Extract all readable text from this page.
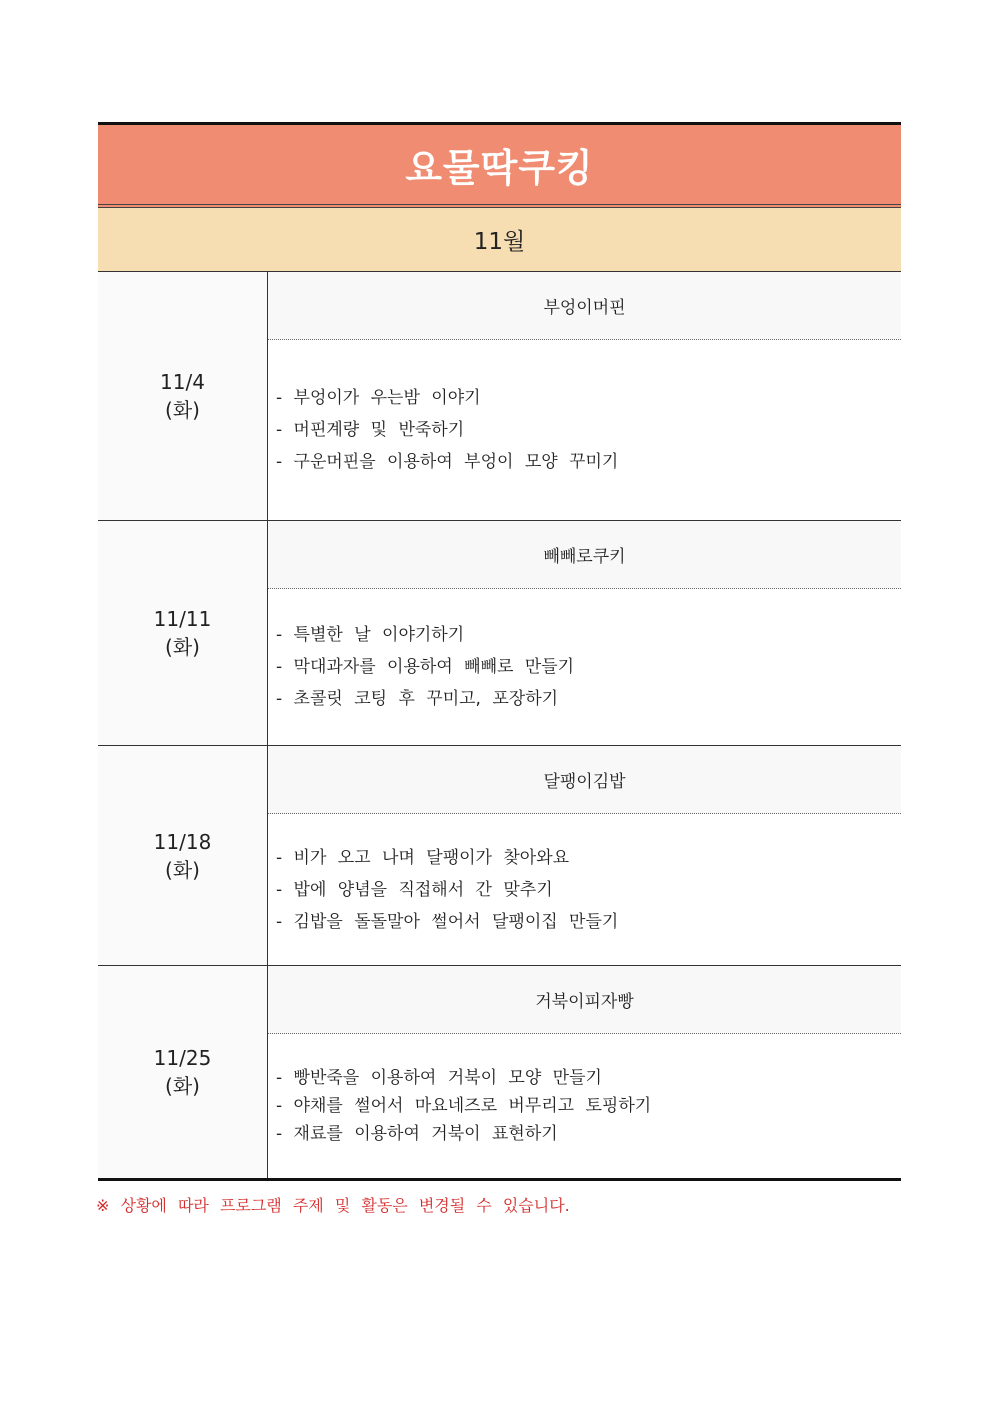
요물딱쿠킹
11월
11/4
(화)
부엉이머핀
- 부엉이가 우는밤 이야기
- 머핀계량 및 반죽하기
- 구운머핀을 이용하여 부엉이 모양 꾸미기
11/11
(화)
빼빼로쿠키
- 특별한 날 이야기하기
- 막대과자를 이용하여 빼빼로 만들기
- 초콜릿 코팅 후 꾸미고, 포장하기
11/18
(화)
달팽이김밥
- 비가 오고 나며 달팽이가 찾아와요
- 밥에 양념을 직접해서 간 맞추기
- 김밥을 돌돌말아 썰어서 달팽이집 만들기
11/25
(화)
거북이피자빵
- 빵반죽을 이용하여 거북이 모양 만들기
- 야채를 썰어서 마요네즈로 버무리고 토핑하기
- 재료를 이용하여 거북이 표현하기
※ 상황에 따라 프로그램 주제 및 활동은 변경될 수 있습니다.
